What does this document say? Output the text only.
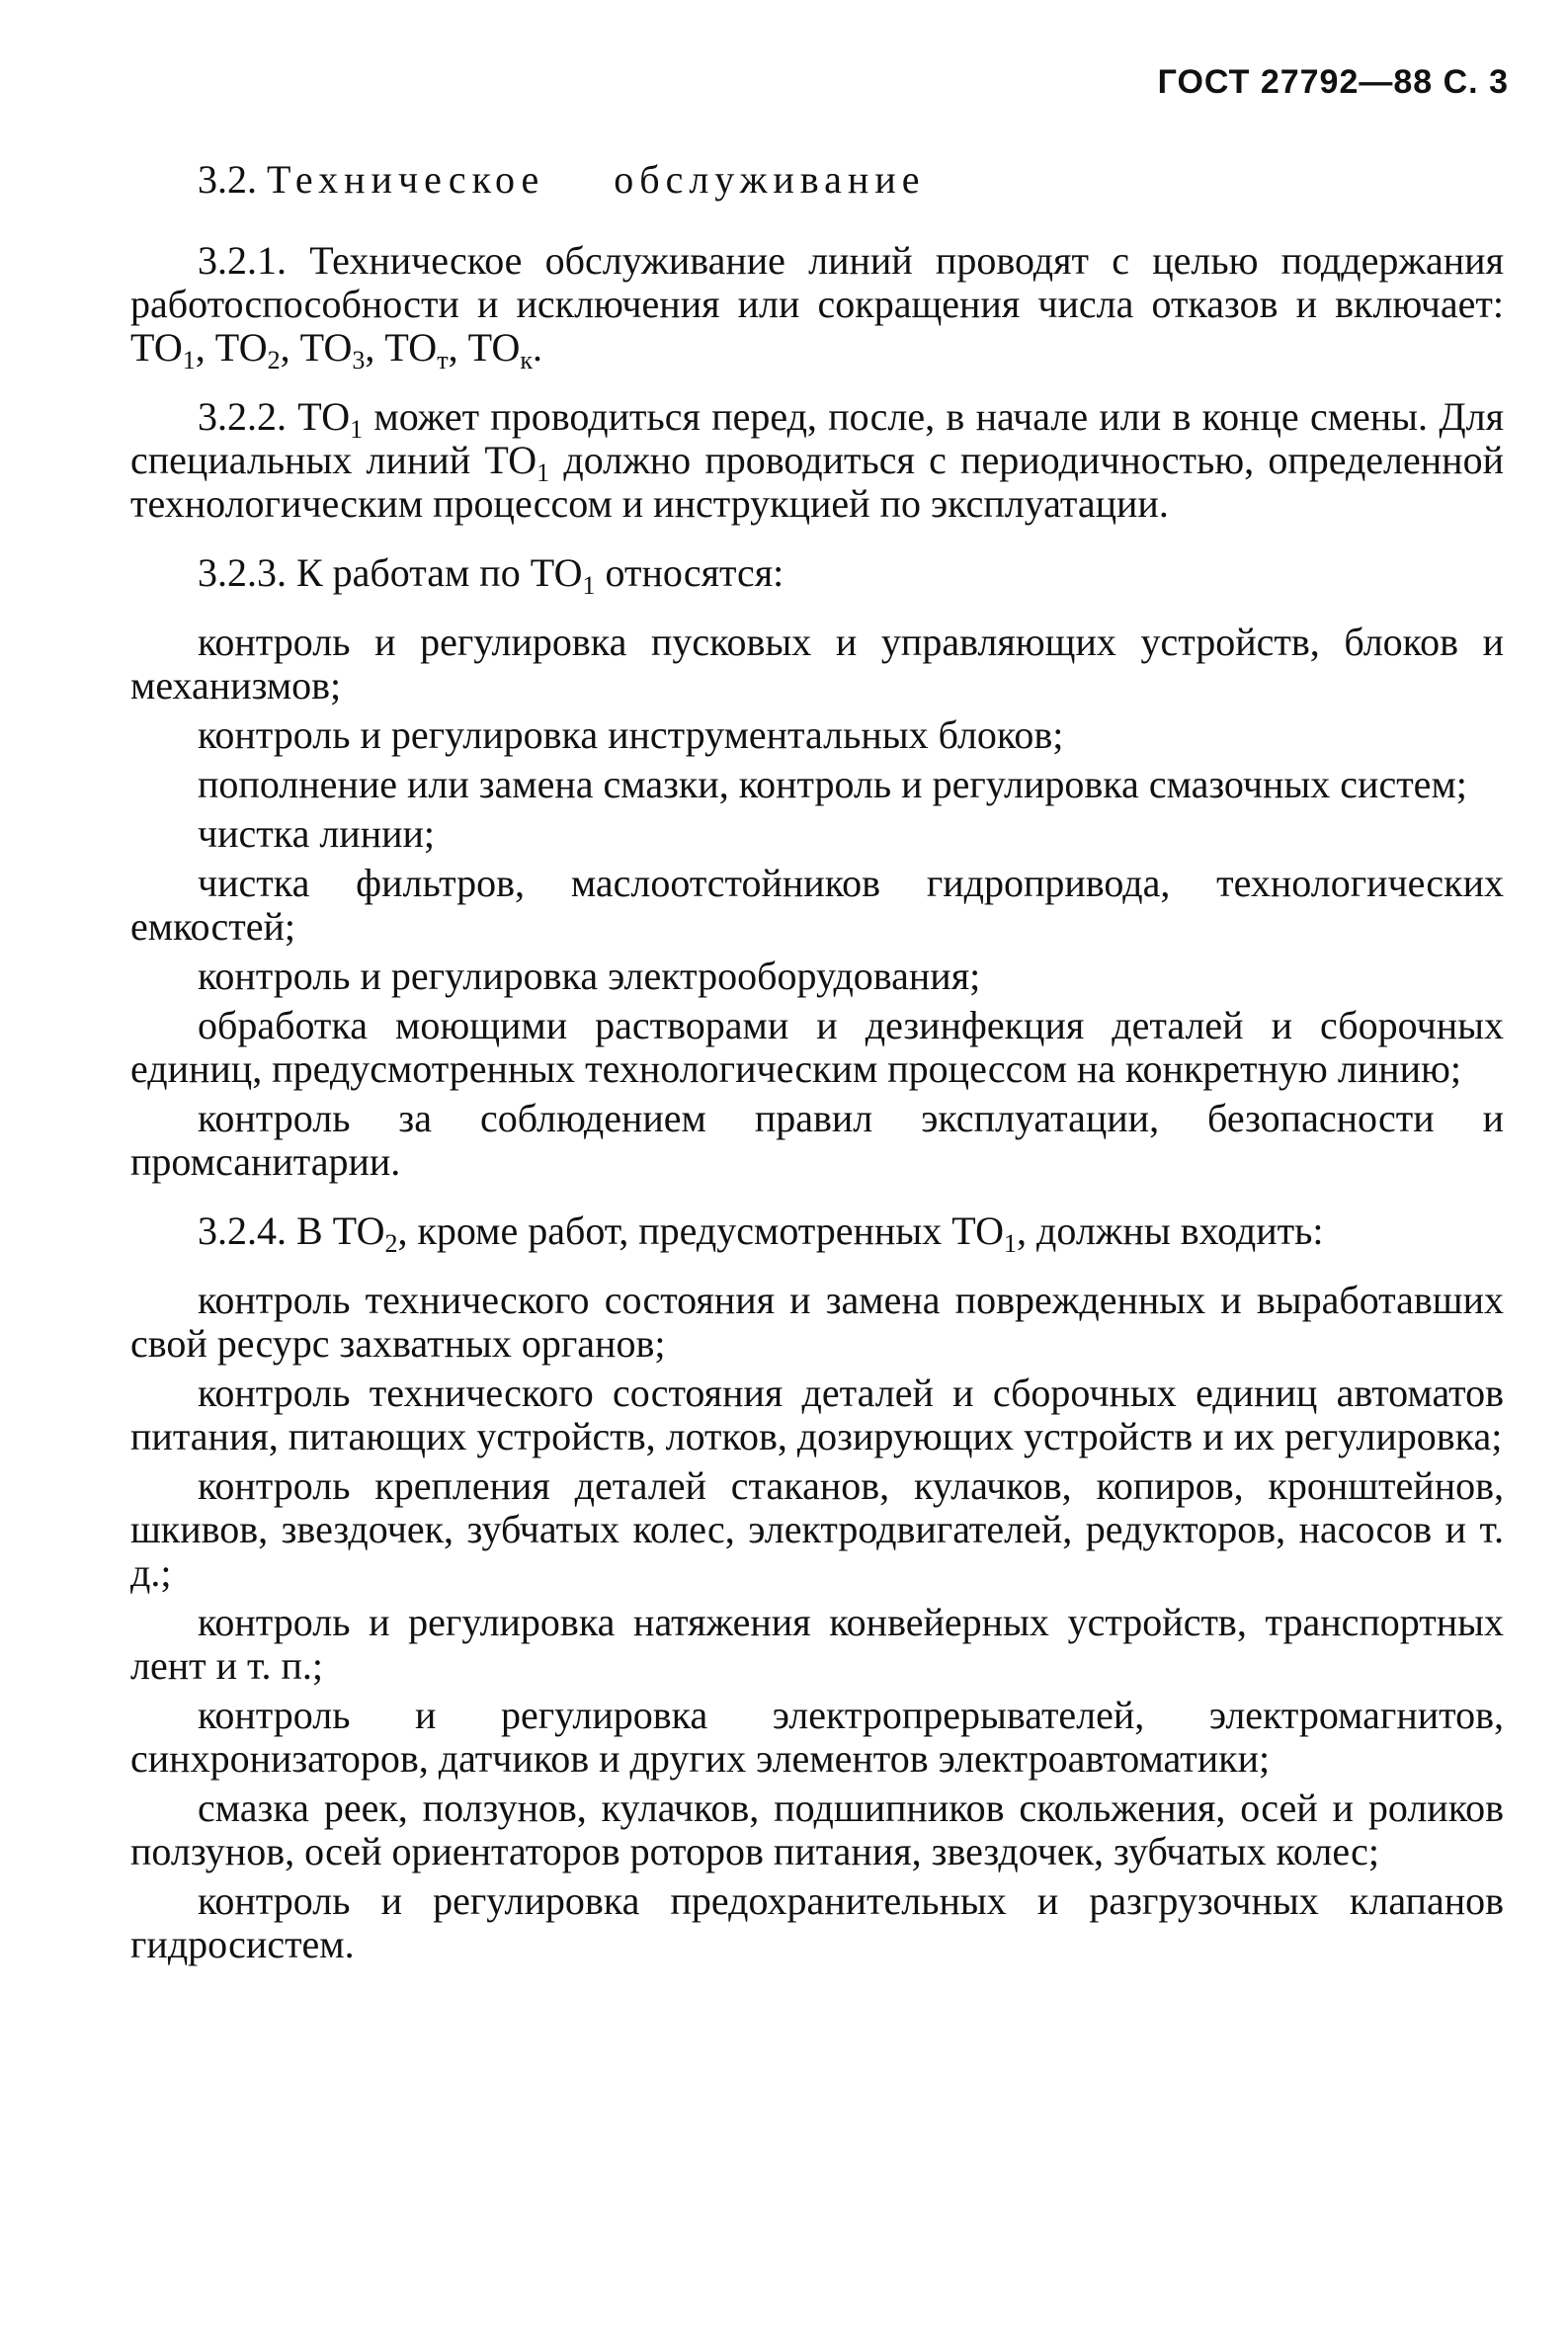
ГОСТ 27792—88 С. 3
3.2. Техническое обслуживание

3.2.1. Техническое обслуживание линий проводят с целью поддержания работоспособности и исключения или сокращения числа отказов и включает: $ТО_1$, $ТО_2$, $ТО_3$, $ТО_т$, $ТО_к$.

3.2.2. $ТО_1$ может проводиться перед, после, в начале или в конце смены. Для специальных линий $ТО_1$ должно проводиться с периодичностью, определенной технологическим процессом и инструкцией по эксплуатации.

3.2.3. К работам по $ТО_1$ относятся:

контроль и регулировка пусковых и управляющих устройств, блоков и механизмов;

контроль и регулировка инструментальных блоков;

пополнение или замена смазки, контроль и регулировка смазочных систем;

чистка линии;

чистка фильтров, маслоотстойников гидропривода, технологических емкостей;

контроль и регулировка электрооборудования;

обработка моющими растворами и дезинфекция деталей и сборочных единиц, предусмотренных технологическим процессом на конкретную линию;

контроль за соблюдением правил эксплуатации, безопасности и промсанитарии.

3.2.4. В $ТО_2$, кроме работ, предусмотренных $ТО_1$, должны входить:

контроль технического состояния и замена поврежденных и выработавших свой ресурс захватных органов;

контроль технического состояния деталей и сборочных единиц автоматов питания, питающих устройств, лотков, дозирующих устройств и их регулировка;

контроль крепления деталей стаканов, кулачков, копиров, кронштейнов, шкивов, звездочек, зубчатых колес, электродвигателей, редукторов, насосов и т. д.;

контроль и регулировка натяжения конвейерных устройств, транспортных лент и т. п.;

контроль и регулировка электропрерывателей, электромагнитов, синхронизаторов, датчиков и других элементов электроавтоматики;

смазка реек, ползунов, кулачков, подшипников скольжения, осей и роликов ползунов, осей ориентаторов роторов питания, звездочек, зубчатых колес;

контроль и регулировка предохранительных и разгрузочных клапанов гидросистем.
